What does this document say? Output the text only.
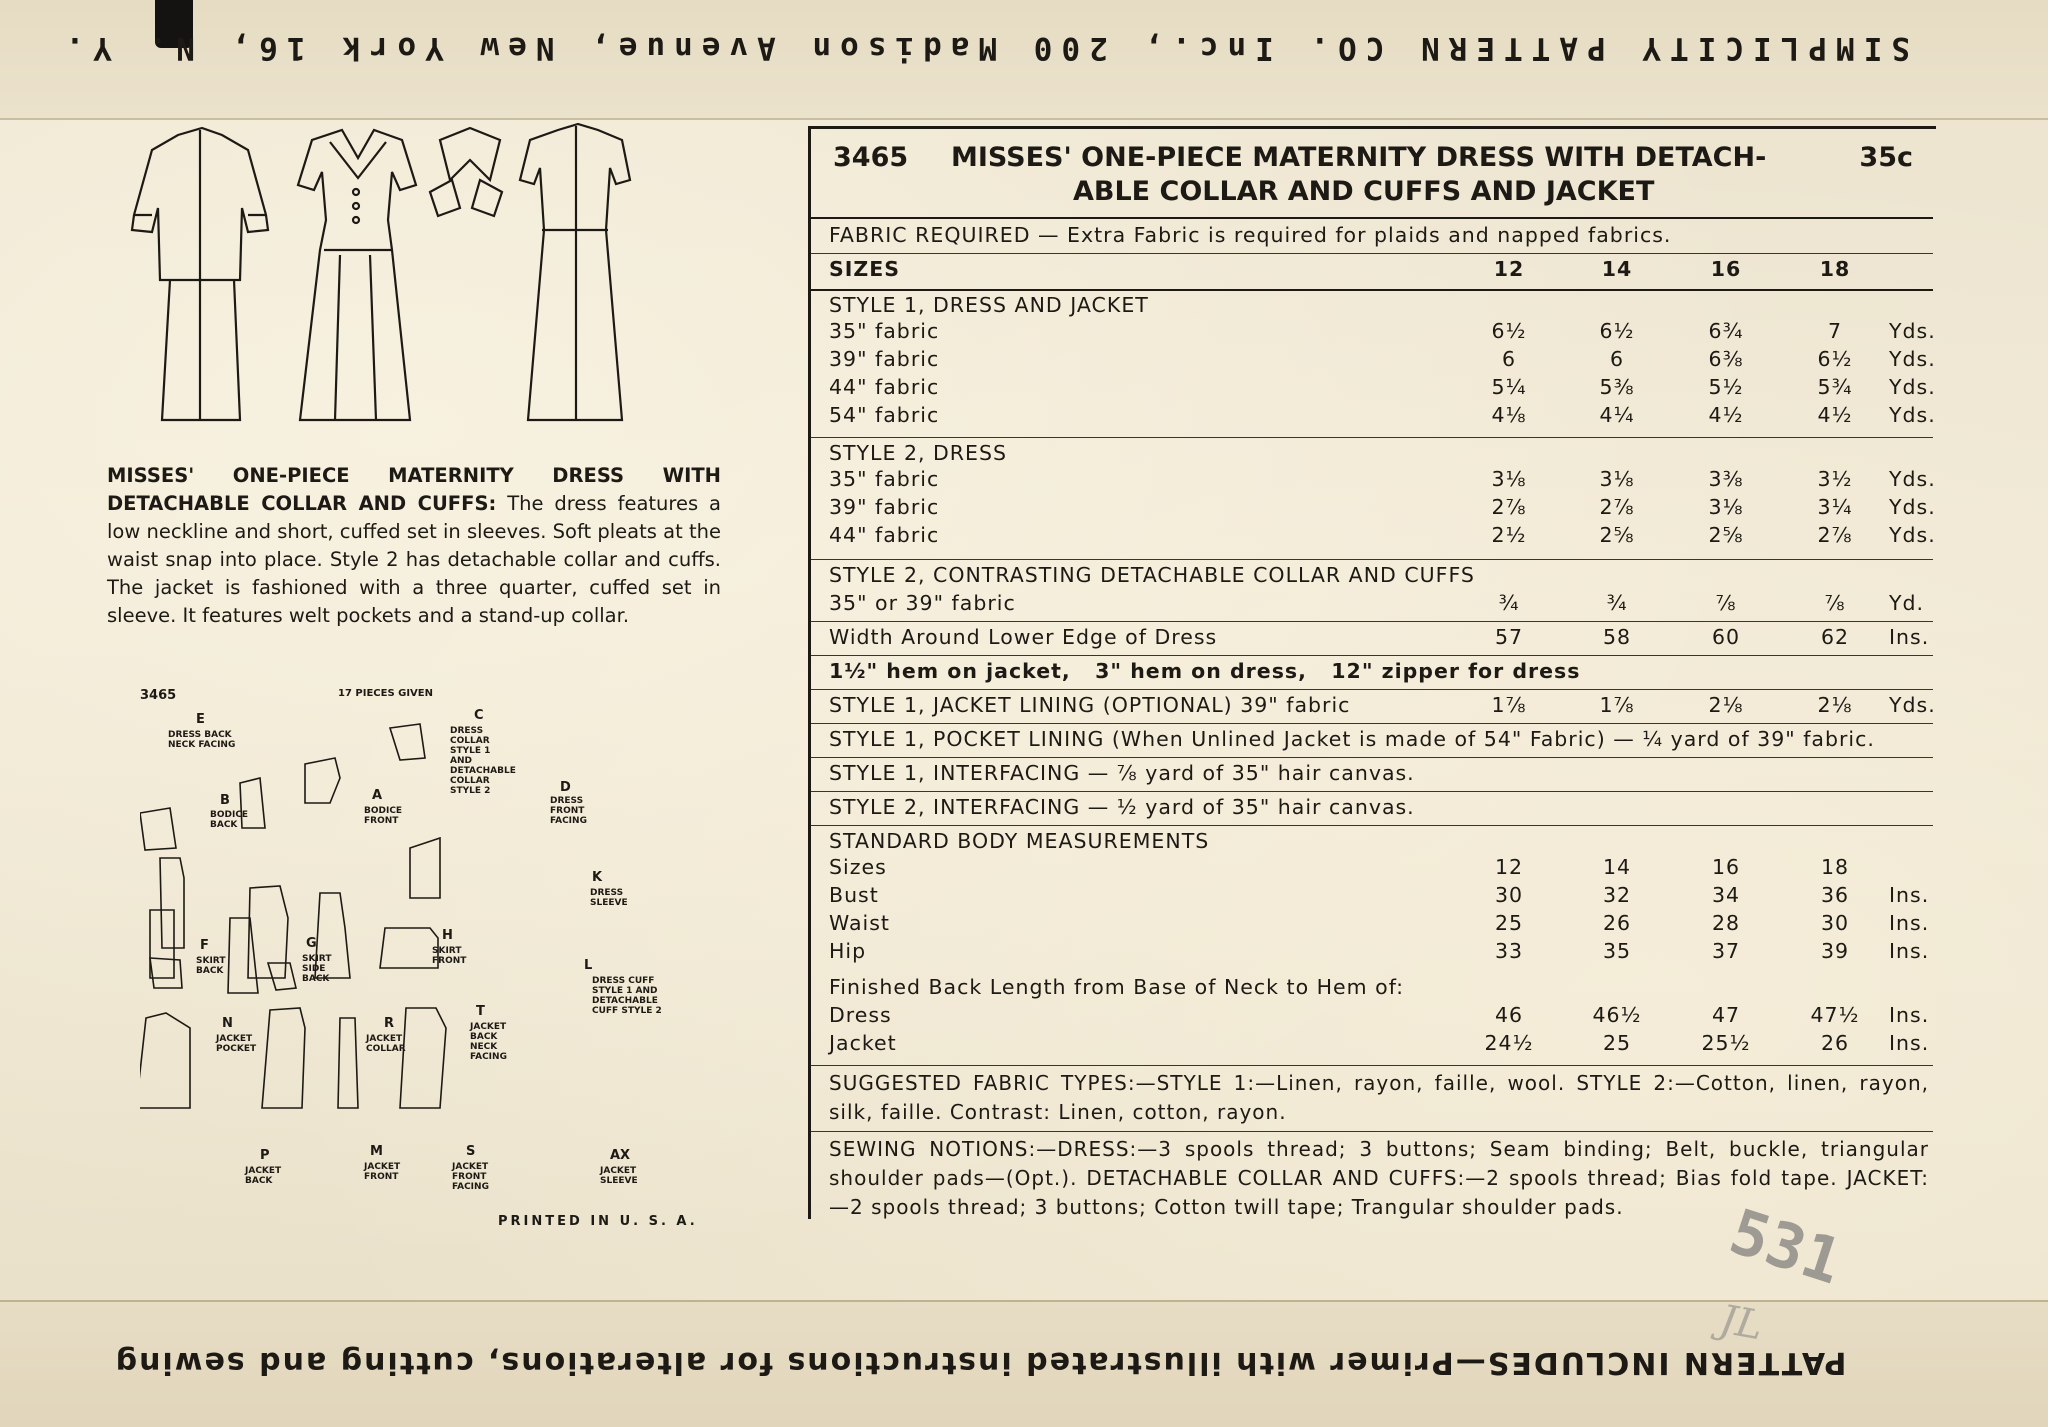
SIMPLICITY PATTERN CO. Inc., 200 Madison Avenue, New York 16, N. Y.
MISSES' ONE-PIECE MATERNITY DRESS WITH DETACHABLE COLLAR AND CUFFS: The dress features a low neckline and short, cuffed set in sleeves. Soft pleats at the waist snap into place. Style 2 has detachable collar and cuffs. The jacket is fashioned with a three quarter, cuffed set in sleeve. It features welt pockets and a stand-up collar.
3465	17 PIECES GIVEN
E
DRESS BACK NECK FACING
C
DRESS COLLAR STYLE 1 AND DETACHABLE COLLAR STYLE 2
B
BODICE BACK
A
BODICE FRONT
D
DRESS FRONT FACING
K
DRESS SLEEVE
F
SKIRT BACK
G
SKIRT SIDE BACK
H
SKIRT FRONT	L
DRESS CUFF STYLE 1 AND DETACHABLE CUFF STYLE 2
N
JACKET POCKET
R
JACKET COLLAR
T
JACKET BACK NECK FACING
P
JACKET BACK
M
JACKET FRONT
S
JACKET FRONT FACING
AX
JACKET SLEEVE
PRINTED IN U. S. A.
3465 MISSES' ONE-PIECE MATERNITY DRESS WITH DETACH-
ABLE COLLAR AND CUFFS AND JACKET
35c
FABRIC REQUIRED — Extra Fabric is required for plaids and napped fabrics.
SIZES	12	14	16	18
STYLE 1, DRESS AND JACKET
35" fabric	6½	6½	6¾	7	Yds.
39" fabric	6	6	6⅜	6½	Yds.
44" fabric	5¼	5⅜	5½	5¾	Yds.
54" fabric	4⅛	4¼	4½	4½	Yds.
STYLE 2, DRESS
35" fabric	3⅛	3⅛	3⅜	3½	Yds.
39" fabric	2⅞	2⅞	3⅛	3¼	Yds.
44" fabric	2½	2⅝	2⅝	2⅞	Yds.
STYLE 2, CONTRASTING DETACHABLE COLLAR AND CUFFS
35" or 39" fabric	¾	¾	⅞	⅞	Yd.
Width Around Lower Edge of Dress	57	58	60	62	Ins.
1½" hem on jacket,   3" hem on dress,   12" zipper for dress
STYLE 1, JACKET LINING (OPTIONAL) 39" fabric	1⅞	1⅞	2⅛	2⅛	Yds.
STYLE 1, POCKET LINING (When Unlined Jacket is made of 54" Fabric) — ¼ yard of 39" fabric.
STYLE 1, INTERFACING — ⅞ yard of 35" hair canvas.
STYLE 2, INTERFACING — ½ yard of 35" hair canvas.
STANDARD BODY MEASUREMENTS
Sizes	12	14	16	18
Bust	30	32	34	36	Ins.
Waist	25	26	28	30	Ins.
Hip	33	35	37	39	Ins.
Finished Back Length from Base of Neck to Hem of:
Dress	46	46½	47	47½	Ins.
Jacket	24½	25	25½	26	Ins.
SUGGESTED FABRIC TYPES:—STYLE 1:—Linen, rayon, faille, wool. STYLE 2:—Cotton, linen, rayon, silk, faille. Contrast: Linen, cotton, rayon.
SEWING NOTIONS:—DRESS:—3 spools thread; 3 buttons; Seam binding; Belt, buckle, triangular shoulder pads—(Opt.). DETACHABLE COLLAR AND CUFFS:—2 spools thread; Bias fold tape. JACKET:—2 spools thread; 3 buttons; Cotton twill tape; Trangular shoulder pads.
PATTERN INCLUDES—Primer with illustrated instructions for alterations, cutting and sewing
531
JL
